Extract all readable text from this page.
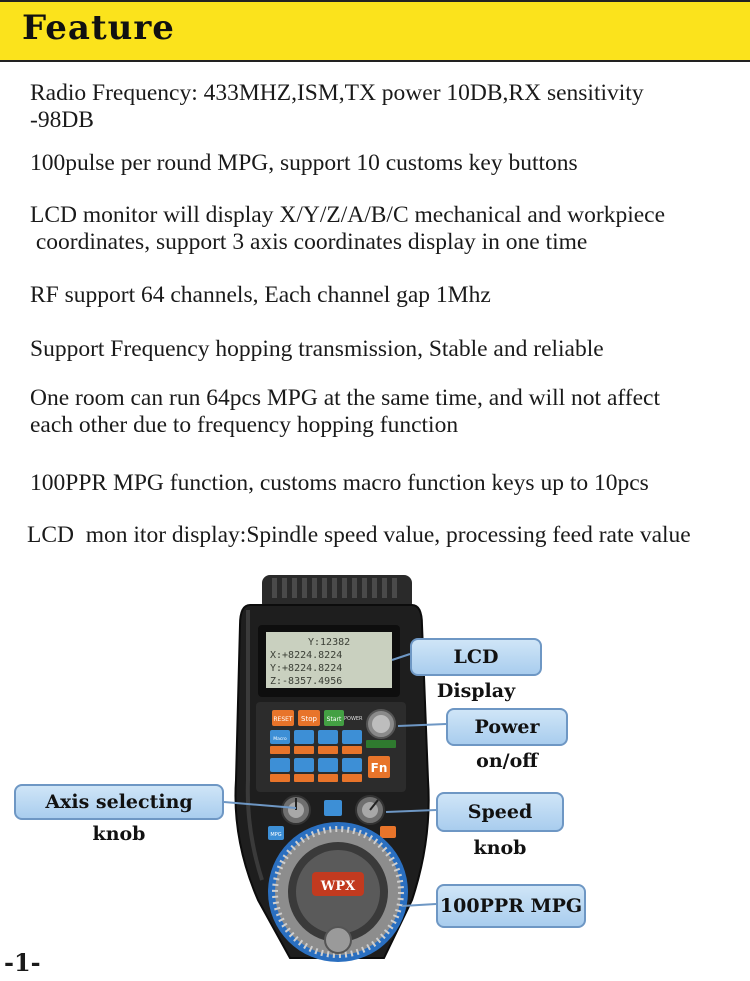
Feature

Radio Frequency: 433MHZ,ISM,TX power 10DB,RX sensitivity
-98DB

100pulse per round MPG, support 10 customs key buttons

LCD monitor will display X/Y/Z/A/B/C mechanical and workpiece
coordinates, support 3 axis coordinates display in one time

RF support 64 channels, Each channel gap 1Mhz

Support Frequency hopping transmission, Stable and reliable

One room can run 64pcs MPG at the same time, and will not affect
each other due to frequency hopping function

100PPR MPG function, customs macro function keys up to 10pcs

LCD  mon itor display:Spindle speed value, processing feed rate value

Y:12382
X:+8224.8224
Y:+8224.8224
Z:-8357.4956
RESET Stop Start POWER
Macro
Fn
MPG
WPX
LCD Display
Power on/off
Axis selecting knob
Speed knob
100PPR MPG
-1-
